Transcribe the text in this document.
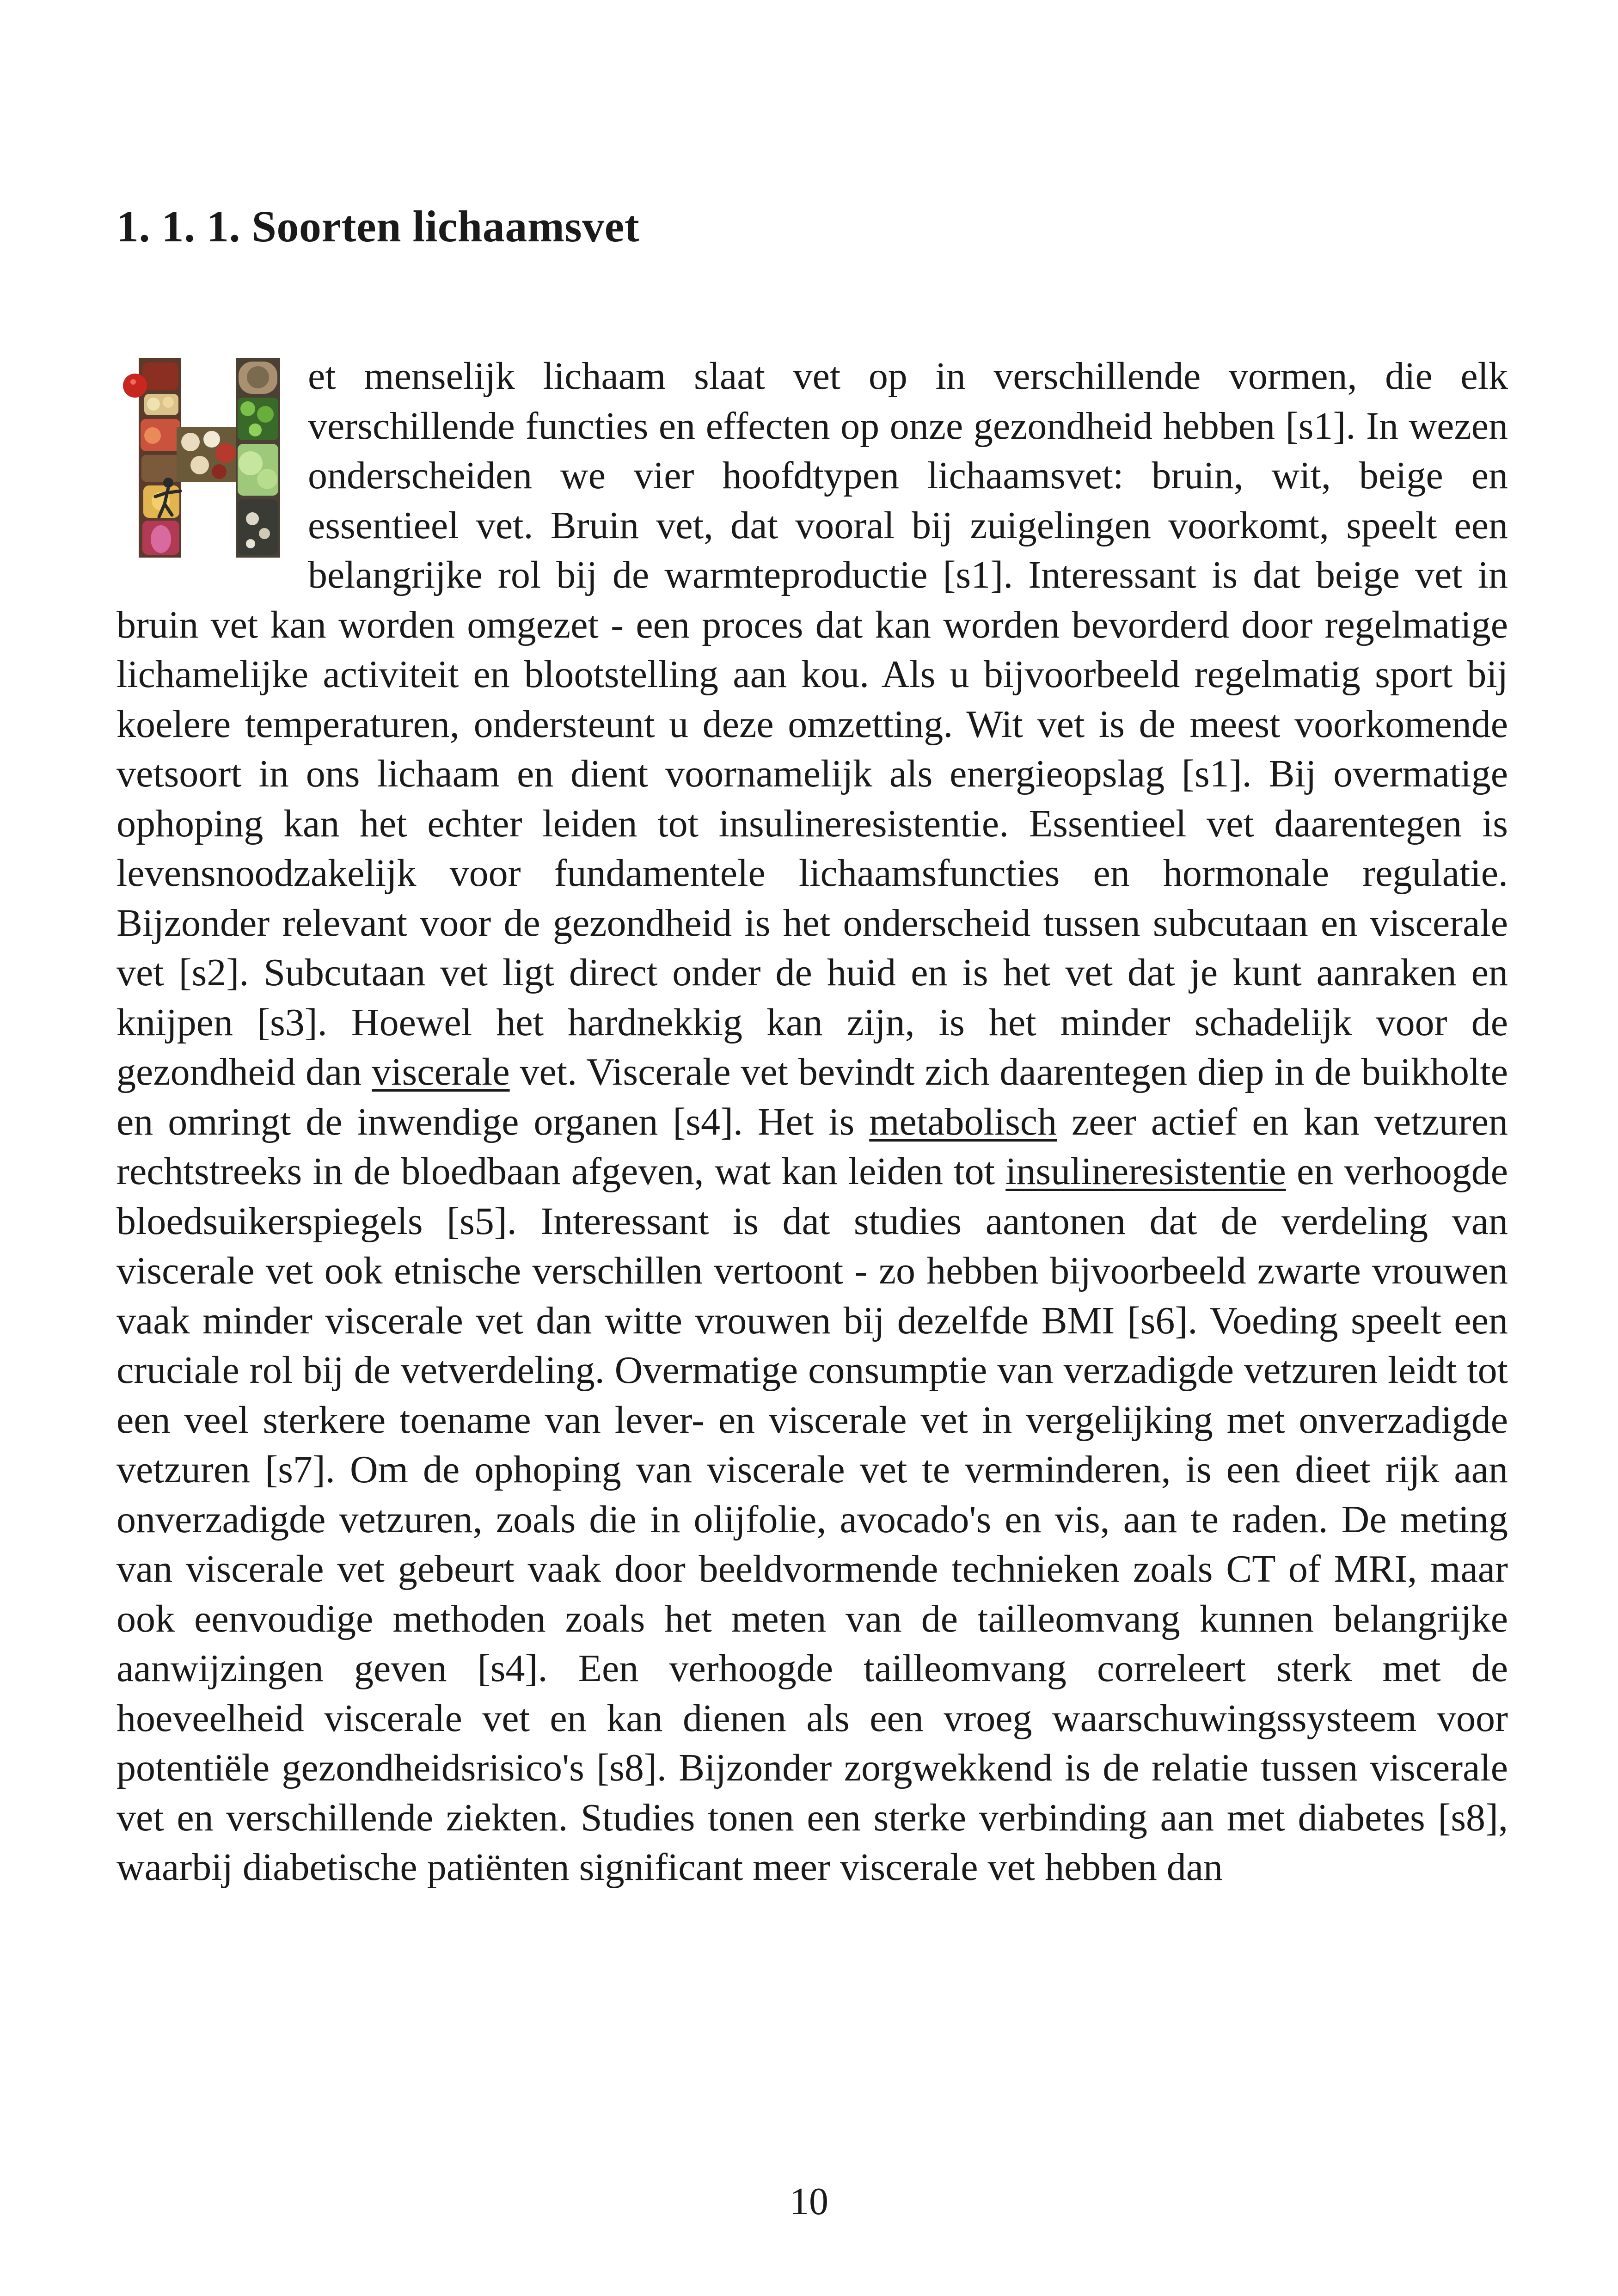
1. 1. 1. Soorten lichaamsvet

et menselijk lichaam slaat vet op in verschillende vormen, die elk verschillende functies en effecten op onze gezondheid hebben [s1]. In wezen onderscheiden we vier hoofdtypen lichaamsvet: bruin, wit, beige en essentieel vet. Bruin vet, dat vooral bij zuigelingen voorkomt, speelt een belangrijke rol bij de warmteproductie [s1]. Interessant is dat beige vet in bruin vet kan worden omgezet - een proces dat kan worden bevorderd door regelmatige lichamelijke activiteit en blootstelling aan kou. Als u bijvoorbeeld regelmatig sport bij koelere temperaturen, ondersteunt u deze omzetting. Wit vet is de meest voorkomende vetsoort in ons lichaam en dient voornamelijk als energieopslag [s1]. Bij overmatige ophoping kan het echter leiden tot insulineresistentie. Essentieel vet daarentegen is levensnoodzakelijk voor fundamentele lichaamsfuncties en hormonale regulatie. Bijzonder relevant voor de gezondheid is het onderscheid tussen subcutaan en viscerale vet [s2]. Subcutaan vet ligt direct onder de huid en is het vet dat je kunt aanraken en knijpen [s3]. Hoewel het hardnekkig kan zijn, is het minder schadelijk voor de gezondheid dan viscerale vet. Viscerale vet bevindt zich daarentegen diep in de buikholte en omringt de inwendige organen [s4]. Het is metabolisch zeer actief en kan vetzuren rechtstreeks in de bloedbaan afgeven, wat kan leiden tot insulineresistentie en verhoogde bloedsuikerspiegels [s5]. Interessant is dat studies aantonen dat de verdeling van viscerale vet ook etnische verschillen vertoont - zo hebben bijvoorbeeld zwarte vrouwen vaak minder viscerale vet dan witte vrouwen bij dezelfde BMI [s6]. Voeding speelt een cruciale rol bij de vetverdeling. Overmatige consumptie van verzadigde vetzuren leidt tot een veel sterkere toename van lever- en viscerale vet in vergelijking met onverzadigde vetzuren [s7]. Om de ophoping van viscerale vet te verminderen, is een dieet rijk aan onverzadigde vetzuren, zoals die in olijfolie, avocado's en vis, aan te raden. De meting van viscerale vet gebeurt vaak door beeldvormende technieken zoals CT of MRI, maar ook eenvoudige methoden zoals het meten van de tailleomvang kunnen belangrijke aanwijzingen geven [s4]. Een verhoogde tailleomvang correleert sterk met de hoeveelheid viscerale vet en kan dienen als een vroeg waarschuwingssysteem voor potentiële gezondheidsrisico's [s8]. Bijzonder zorgwekkend is de relatie tussen viscerale vet en verschillende ziekten. Studies tonen een sterke verbinding aan met diabetes [s8], waarbij diabetische patiënten significant meer viscerale vet hebben dan

10
